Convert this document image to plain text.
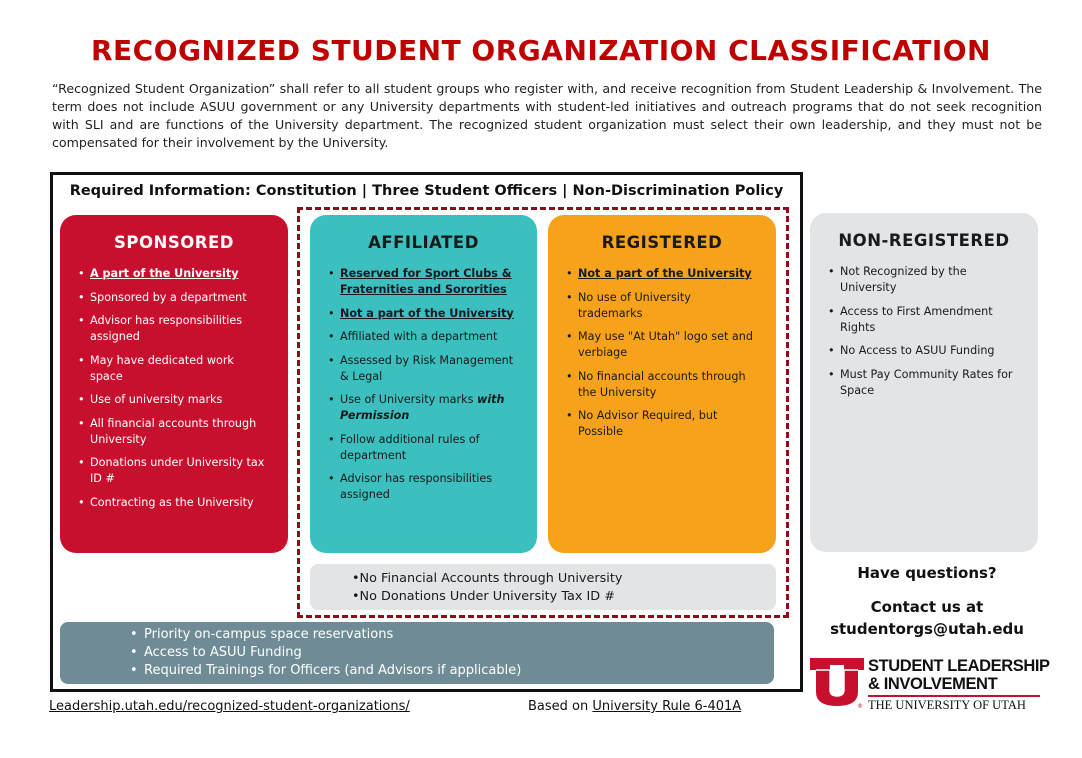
RECOGNIZED STUDENT ORGANIZATION CLASSIFICATION
“Recognized Student Organization” shall refer to all student groups who register with, and receive recognition from Student Leadership & Involvement. The term does not include ASUU government or any University departments with student-led initiatives and outreach programs that do not seek recognition with SLI and are functions of the University department. The recognized student organization must select their own leadership, and they must not be compensated for their involvement by the University.
Required Information: Constitution | Three Student Officers | Non-Discrimination Policy
SPONSORED
• A part of the University
• Sponsored by a department
• Advisor has responsibilities assigned
• May have dedicated work space
• Use of university marks
• All financial accounts through University
• Donations under University tax ID #
• Contracting as the University
AFFILIATED
• Reserved for Sport Clubs & Fraternities and Sororities
• Not a part of the University
• Affiliated with a department
• Assessed by Risk Management & Legal
• Use of University marks with Permission
• Follow additional rules of department
• Advisor has responsibilities assigned
REGISTERED
• Not a part of the University
• No use of University trademarks
• May use "At Utah" logo set and verbiage
• No financial accounts through the University
• No Advisor Required, but Possible
NON-REGISTERED
• Not Recognized by the University
• Access to First Amendment Rights
• No Access to ASUU Funding
• Must Pay Community Rates for Space
•No Financial Accounts through University
•No Donations Under University Tax ID #
• Priority on-campus space reservations
• Access to ASUU Funding
• Required Trainings for Officers (and Advisors if applicable)
Have questions?
Contact us at
studentorgs@utah.edu
®
STUDENT LEADERSHIP
& INVOLVEMENT
THE UNIVERSITY OF UTAH
Leadership.utah.edu/recognized-student-organizations/	Based on University Rule 6-401A
